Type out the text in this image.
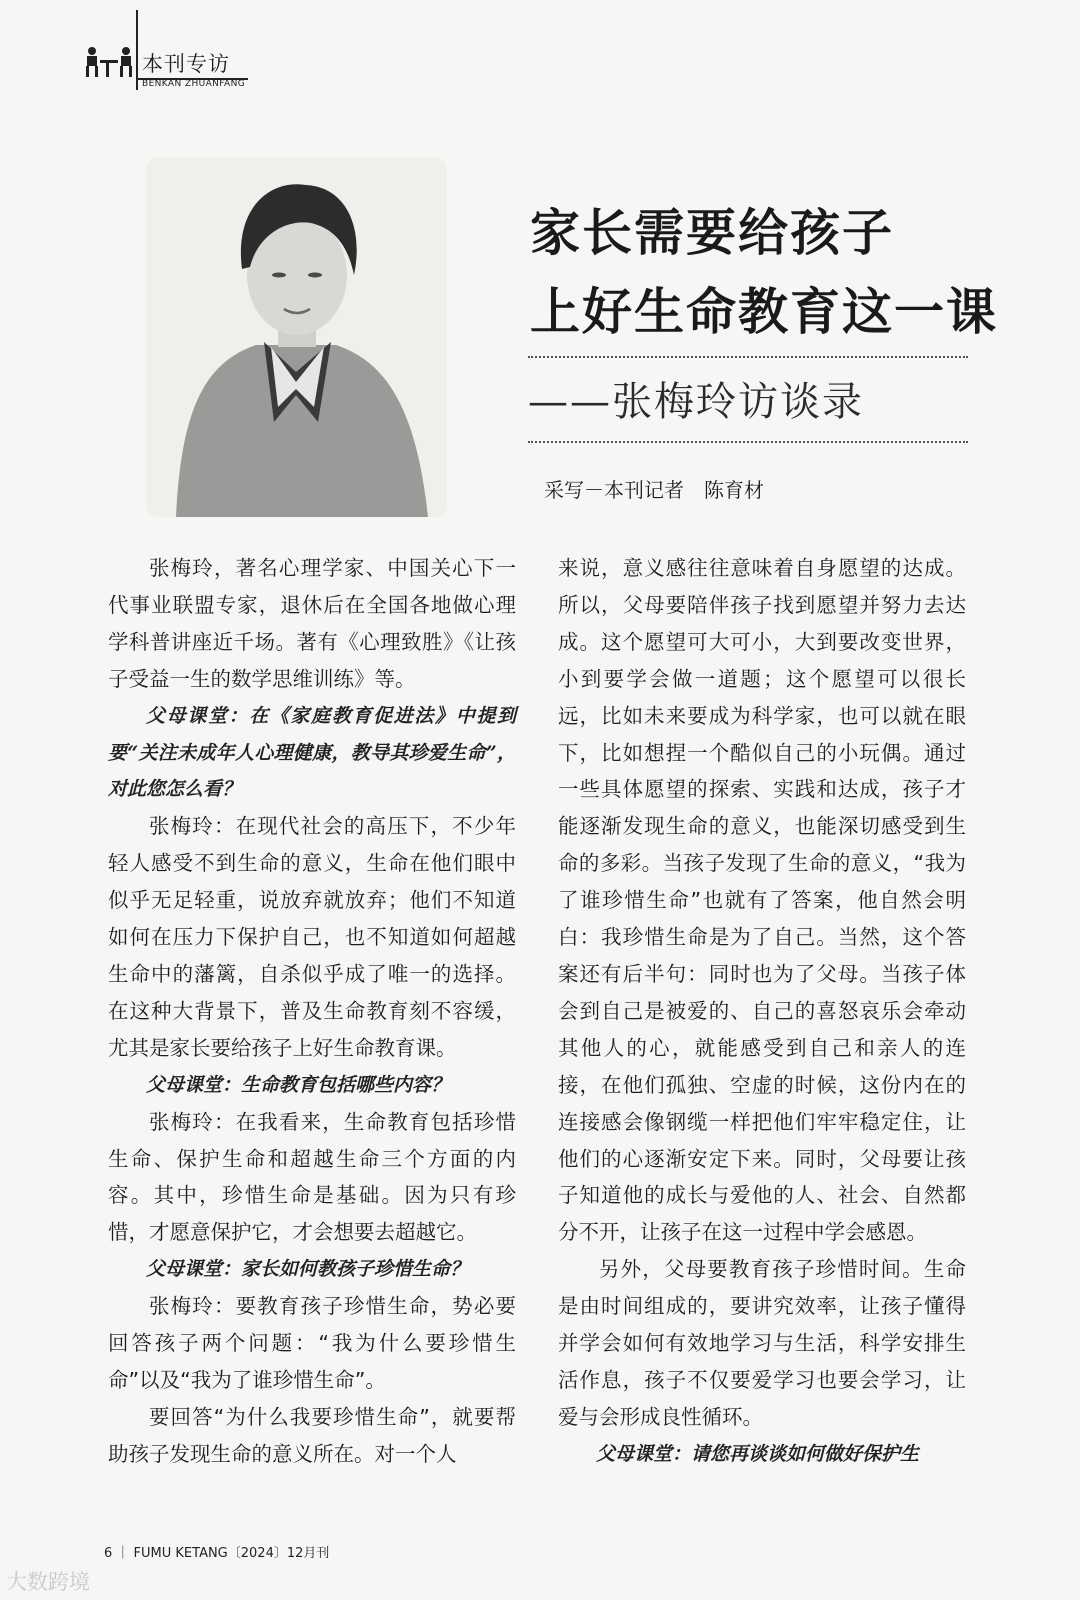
本刊专访
BENKAN ZHUANFANG
家长需要给孩子
上好生命教育这一课
——张梅玲访谈录
采写－本刊记者　陈育材

张梅玲，著名心理学家、中国关心下一代事业联盟专家，退休后在全国各地做心理学科普讲座近千场。著有《心理致胜》《让孩子受益一生的数学思维训练》等。

父母课堂：在《家庭教育促进法》中提到要“关注未成年人心理健康，教导其珍爱生命”，对此您怎么看？

张梅玲：在现代社会的高压下，不少年轻人感受不到生命的意义，生命在他们眼中似乎无足轻重，说放弃就放弃；他们不知道如何在压力下保护自己，也不知道如何超越生命中的藩篱，自杀似乎成了唯一的选择。在这种大背景下，普及生命教育刻不容缓，尤其是家长要给孩子上好生命教育课。

父母课堂：生命教育包括哪些内容？

张梅玲：在我看来，生命教育包括珍惜生命、保护生命和超越生命三个方面的内容。其中，珍惜生命是基础。因为只有珍惜，才愿意保护它，才会想要去超越它。

父母课堂：家长如何教孩子珍惜生命？

张梅玲：要教育孩子珍惜生命，势必要回答孩子两个问题：“我为什么要珍惜生命”以及“我为了谁珍惜生命”。

要回答“为什么我要珍惜生命”，就要帮助孩子发现生命的意义所在。对一个人

来说，意义感往往意味着自身愿望的达成。所以，父母要陪伴孩子找到愿望并努力去达成。这个愿望可大可小，大到要改变世界，小到要学会做一道题；这个愿望可以很长远，比如未来要成为科学家，也可以就在眼下，比如想捏一个酷似自己的小玩偶。通过一些具体愿望的探索、实践和达成，孩子才能逐渐发现生命的意义，也能深切感受到生命的多彩。当孩子发现了生命的意义，“我为了谁珍惜生命”也就有了答案，他自然会明白：我珍惜生命是为了自己。当然，这个答案还有后半句：同时也为了父母。当孩子体会到自己是被爱的、自己的喜怒哀乐会牵动其他人的心，就能感受到自己和亲人的连接，在他们孤独、空虚的时候，这份内在的连接感会像钢缆一样把他们牢牢稳定住，让他们的心逐渐安定下来。同时，父母要让孩子知道他的成长与爱他的人、社会、自然都分不开，让孩子在这一过程中学会感恩。

另外，父母要教育孩子珍惜时间。生命是由时间组成的，要讲究效率，让孩子懂得并学会如何有效地学习与生活，科学安排生活作息，孩子不仅要爱学习也要会学习，让爱与会形成良性循环。

父母课堂：请您再谈谈如何做好保护生

6 ｜ FUMU KETANG〔2024〕12月刊
大数跨境
